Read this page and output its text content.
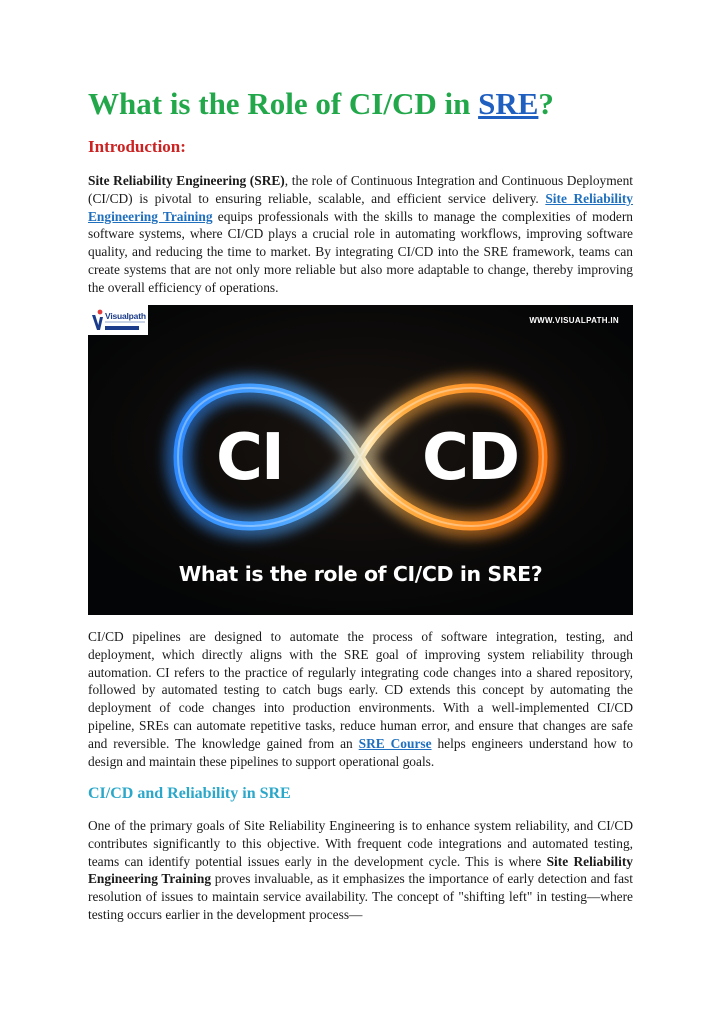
What is the Role of CI/CD in SRE?
Introduction:

Site Reliability Engineering (SRE), the role of Continuous Integration and Continuous Deployment (CI/CD) is pivotal to ensuring reliable, scalable, and efficient service delivery. Site Reliability Engineering Training equips professionals with the skills to manage the complexities of modern software systems, where CI/CD plays a crucial role in automating workflows, improving software quality, and reducing the time to market. By integrating CI/CD into the SRE framework, teams can create systems that are not only more reliable but also more adaptable to change, thereby improving the overall efficiency of operations.

Visualpath	WWW.VISUALPATH.IN
CI CD
What is the role of CI/CD in SRE?

CI/CD pipelines are designed to automate the process of software integration, testing, and deployment, which directly aligns with the SRE goal of improving system reliability through automation. CI refers to the practice of regularly integrating code changes into a shared repository, followed by automated testing to catch bugs early. CD extends this concept by automating the deployment of code changes into production environments. With a well-implemented CI/CD pipeline, SREs can automate repetitive tasks, reduce human error, and ensure that changes are safe and reversible. The knowledge gained from an SRE Course helps engineers understand how to design and maintain these pipelines to support operational goals.

CI/CD and Reliability in SRE

One of the primary goals of Site Reliability Engineering is to enhance system reliability, and CI/CD contributes significantly to this objective. With frequent code integrations and automated testing, teams can identify potential issues early in the development cycle. This is where Site Reliability Engineering Training proves invaluable, as it emphasizes the importance of early detection and fast resolution of issues to maintain service availability. The concept of "shifting left" in testing—where testing occurs earlier in the development process—
